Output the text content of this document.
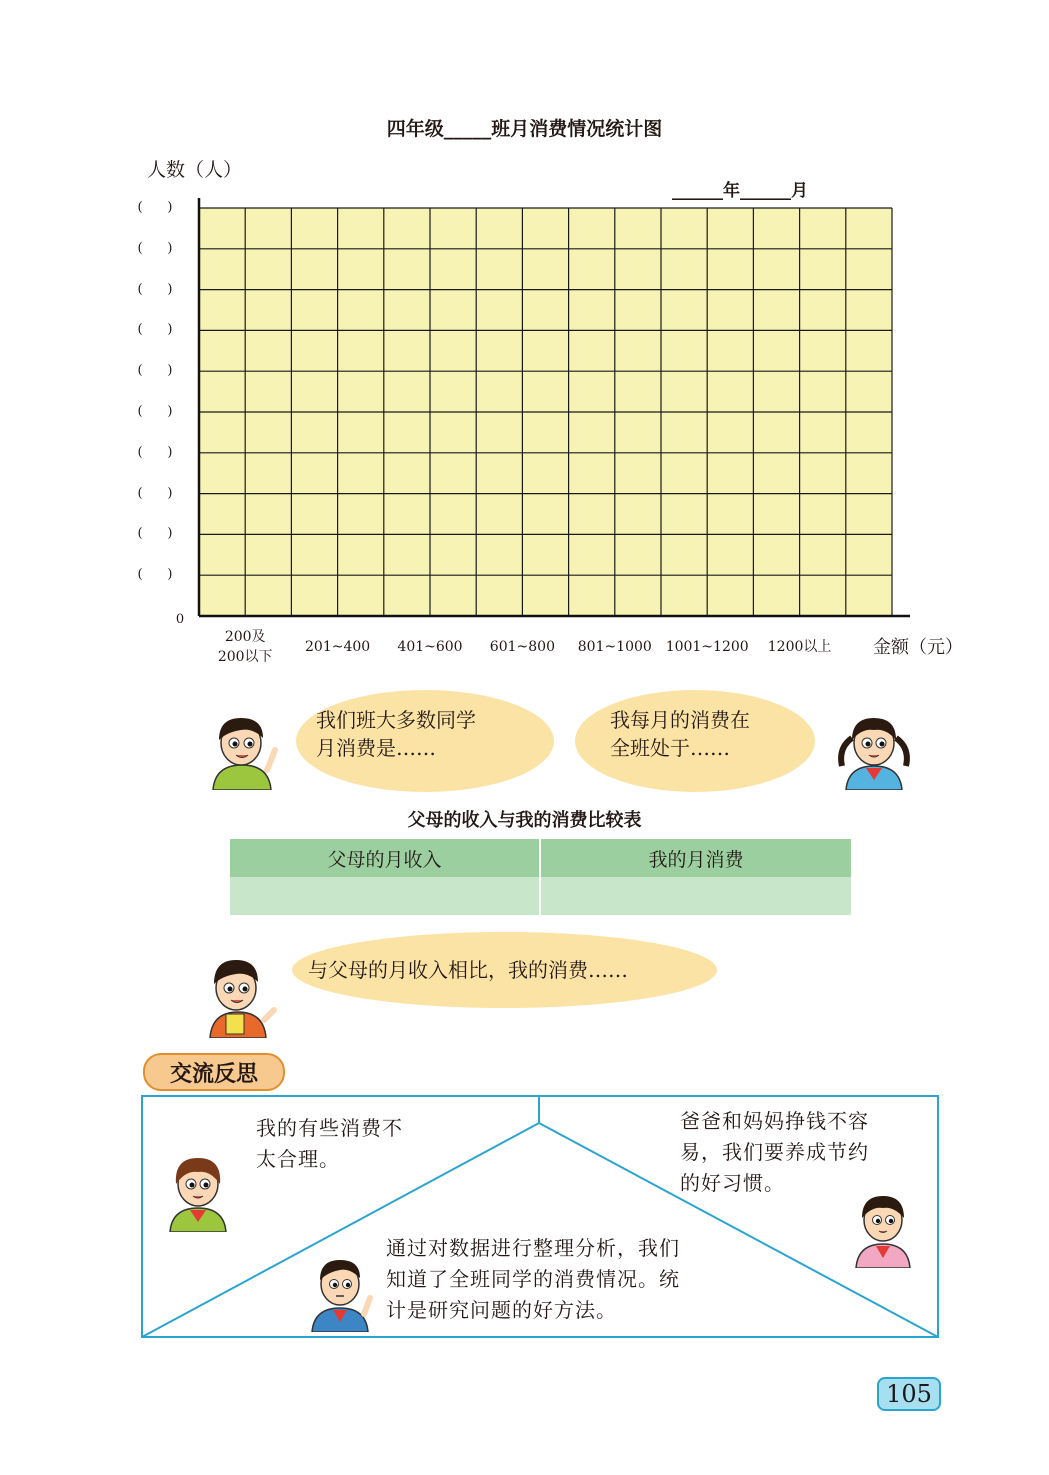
四年级_____班月消费情况统计图
人数（人）
______年______月
(      )
(      )
(      )
(      )
(      )
(      )
(      )
(      )
(      )
(      )
0
200及
200以下
201~400	401~600	601~800	801~1000 1001~1200	1200以上	金额（元）
我们班大多数同学
月消费是……
我每月的消费在
全班处于……
父母的收入与我的消费比较表
父母的月收入	我的月消费
与父母的月收入相比，我的消费……
交流反思
我的有些消费不
太合理。
爸爸和妈妈挣钱不容
易，我们要养成节约
的好习惯。
通过对数据进行整理分析，我们
知道了全班同学的消费情况。统
计是研究问题的好方法。
105
